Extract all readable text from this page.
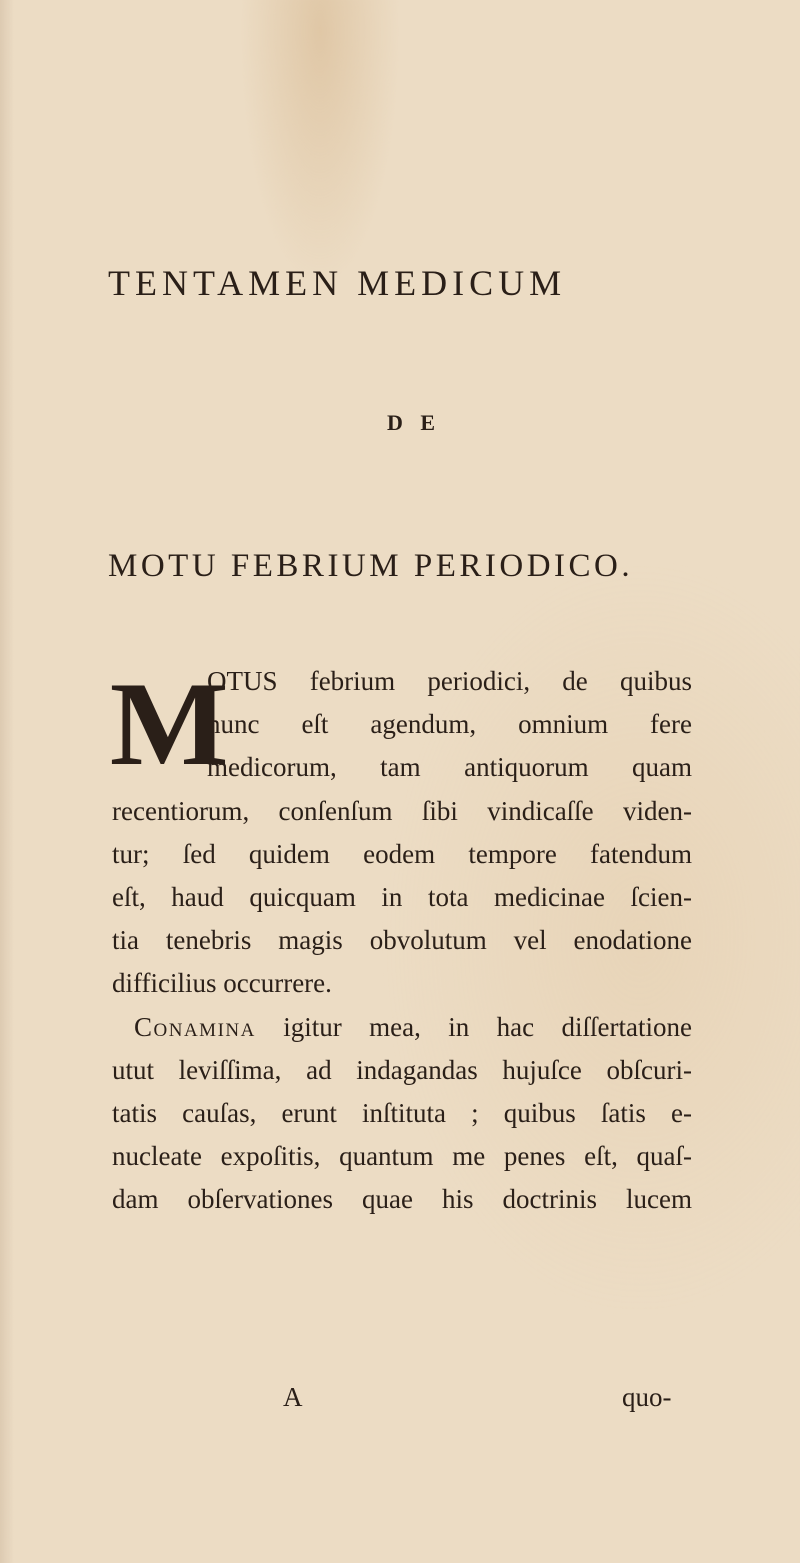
TENTAMEN MEDICUM
D E
MOTU FEBRIUM PERIODICO.
M
OTUS febrium periodici, de quibus
nunc eſt agendum, omnium fere
medicorum, tam antiquorum quam
recentiorum, conſenſum ſibi vindicaſſe viden-
tur; ſed quidem eodem tempore fatendum
eſt, haud quicquam in tota medicinae ſcien-
tia tenebris magis obvolutum vel enodatione
difficilius occurrere.
Conamina igitur mea, in hac diſſertatione
utut leviſſima, ad indagandas hujuſce obſcuri-
tatis cauſas, erunt inſtituta ; quibus ſatis e-
nucleate expoſitis, quantum me penes eſt, quaſ-
dam obſervationes quae his doctrinis lucem
A	quo-
